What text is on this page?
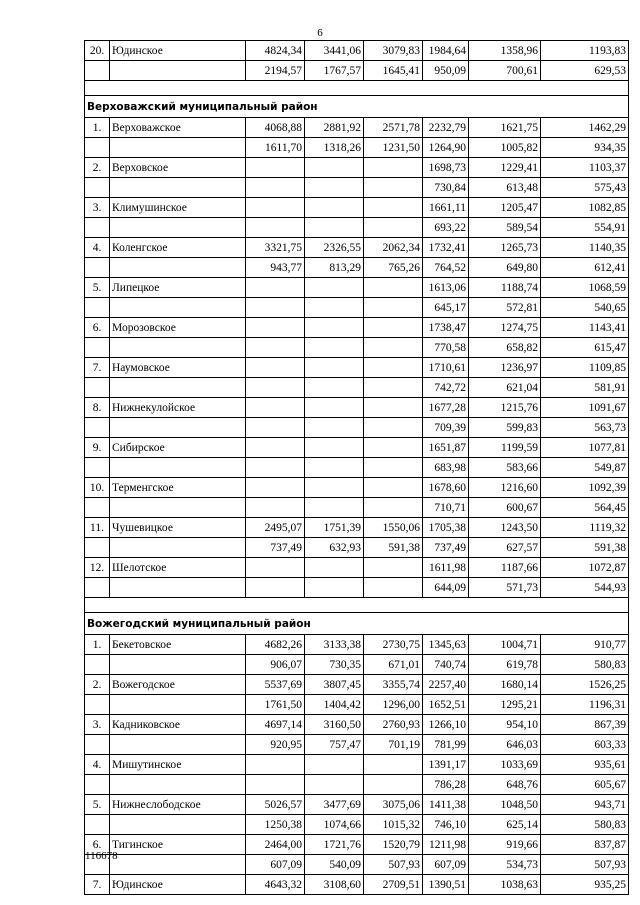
6
20.	Юдинское	4824,34	3441,06	3079,83	1984,64	1358,96	1193,83
		2194,57	1767,57	1645,41	950,09	700,61	629,53

Верховажский муниципальный район							
1.	Верховажское	4068,88	2881,92	2571,78	2232,79	1621,75	1462,29
		1611,70	1318,26	1231,50	1264,90	1005,82	934,35
2.	Верховское				1698,73	1229,41	1103,37
					730,84	613,48	575,43
3.	Климушинское				1661,11	1205,47	1082,85
					693,22	589,54	554,91
4.	Коленгское	3321,75	2326,55	2062,34	1732,41	1265,73	1140,35
		943,77	813,29	765,26	764,52	649,80	612,41
5.	Липецкое				1613,06	1188,74	1068,59
					645,17	572,81	540,65
6.	Морозовское				1738,47	1274,75	1143,41
					770,58	658,82	615,47
7.	Наумовское				1710,61	1236,97	1109,85
					742,72	621,04	581,91
8.	Нижнекулойское				1677,28	1215,76	1091,67
					709,39	599,83	563,73
9.	Сибирское				1651,87	1199,59	1077,81
					683,98	583,66	549,87
10.	Терменгское				1678,60	1216,60	1092,39
					710,71	600,67	564,45
11.	Чушевицкое	2495,07	1751,39	1550,06	1705,38	1243,50	1119,32
		737,49	632,93	591,38	737,49	627,57	591,38
12.	Шелотское				1611,98	1187,66	1072,87
					644,09	571,73	544,93

Вожегодский муниципальный район							
1.	Бекетовское	4682,26	3133,38	2730,75	1345,63	1004,71	910,77
		906,07	730,35	671,01	740,74	619,78	580,83
2.	Вожегодское	5537,69	3807,45	3355,74	2257,40	1680,14	1526,25
		1761,50	1404,42	1296,00	1652,51	1295,21	1196,31
3.	Кадниковское	4697,14	3160,50	2760,93	1266,10	954,10	867,39
		920,95	757,47	701,19	781,99	646,03	603,33
4.	Мишутинское				1391,17	1033,69	935,61
					786,28	648,76	605,67
5.	Нижнеслободское	5026,57	3477,69	3075,06	1411,38	1048,50	943,71
		1250,38	1074,66	1015,32	746,10	625,14	580,83
6.	Тигинское	2464,00	1721,76	1520,79	1211,98	919,66	837,87
		607,09	540,09	507,93	607,09	534,73	507,93
7.	Юдинское	4643,32	3108,60	2709,51	1390,51	1038,63	935,25
116678
